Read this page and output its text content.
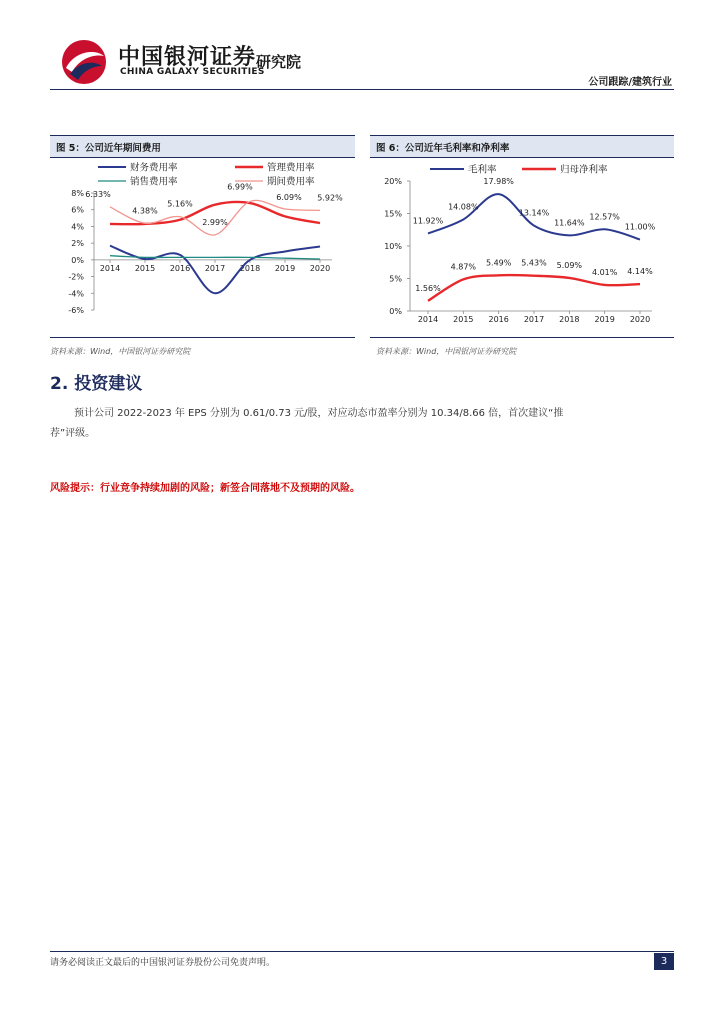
中国银河证券
CHINA GALAXY SECURITIES
研究院
公司跟踪/建筑行业
图 5：公司近年期间费用
8%
6%
4%
2%
0%
-2%
-4%
-6%
2014 2015 2016 2017 2018 2019 2020
财务费用率	管理费用率
销售费用率
6.33%
4.38%
5.16%
2.99%
6.99%
6.09% 5.92%
期间费用率
资料来源：Wind，中国银河证券研究院
图 6：公司近年毛利率和净利率
20%
15%
10%
5%
0%
2014 2015 2016 2017 2018 2019 2020
11.92%
14.08%
17.98%
13.14%
11.64%
12.57%
11.00%
毛利率
1.56%
4.87% 5.49% 5.43% 5.09%
4.01% 4.14%
归母净利率
资料来源：Wind，中国银河证券研究院
2. 投资建议
预计公司 2022-2023 年 EPS 分别为 0.61/0.73 元/股，对应动态市盈率分别为 10.34/8.66 倍，首次建议“推荐”评级。
风险提示：行业竞争持续加剧的风险；新签合同落地不及预期的风险。
请务必阅读正文最后的中国银河证券股份公司免责声明。	3
